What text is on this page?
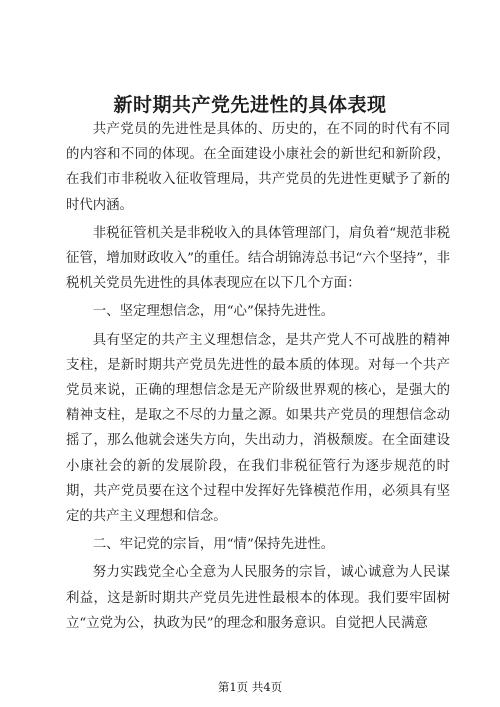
新时期共产党先进性的具体表现

共产党员的先进性是具体的、历史的，在不同的时代有不同的内容和不同的体现。在全面建设小康社会的新世纪和新阶段，在我们市非税收入征收管理局，共产党员的先进性更赋予了新的时代内涵。

非税征管机关是非税收入的具体管理部门，肩负着“规范非税征管，增加财政收入”的重任。结合胡锦涛总书记“六个坚持”，非税机关党员先进性的具体表现应在以下几个方面：

一、坚定理想信念，用“心”保持先进性。

具有坚定的共产主义理想信念，是共产党人不可战胜的精神支柱，是新时期共产党员先进性的最本质的体现。对每一个共产党员来说，正确的理想信念是无产阶级世界观的核心，是强大的精神支柱，是取之不尽的力量之源。如果共产党员的理想信念动摇了，那么他就会迷失方向，失出动力，消极颓废。在全面建设小康社会的新的发展阶段，在我们非税征管行为逐步规范的时期，共产党员要在这个过程中发挥好先锋模范作用，必须具有坚定的共产主义理想和信念。

二、牢记党的宗旨，用“情”保持先进性。

努力实践党全心全意为人民服务的宗旨，诚心诚意为人民谋利益，这是新时期共产党员先进性最根本的体现。我们要牢固树立“立党为公，执政为民”的理念和服务意识。自觉把人民满意

第1页 共4页
